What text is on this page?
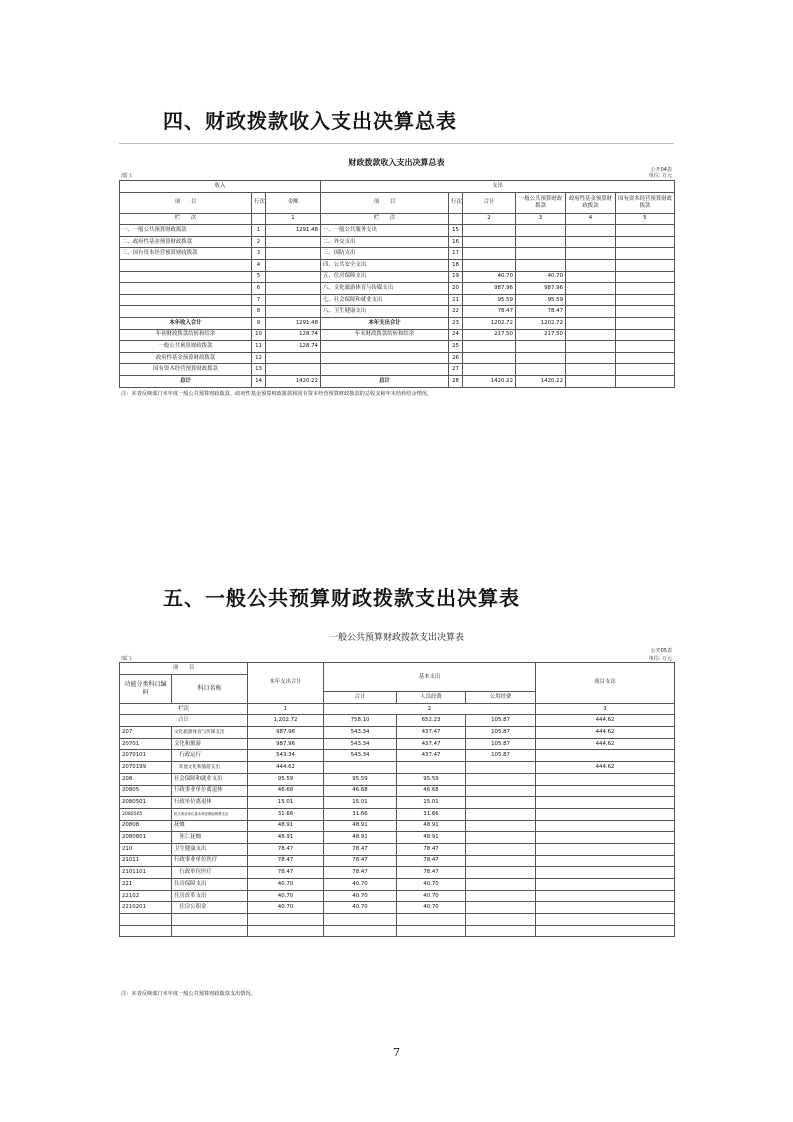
四、财政拨款收入支出决算总表
财政拨款收入支出决算总表
公开04表
部门:	单位: 万元
收入			支出					
项　　目	行次	金额	项　　目	行次	合计	一般公共预算财政拨款	政府性基金预算财政拨款	国有资本经营预算财政拨款
栏　　次		1	栏　　次		2	3	4	5
一、一般公共预算财政拨款	1	1291.48	一、一般公共服务支出	15				
二、政府性基金预算财政拨款	2		二、外交支出	16				
三、国有资本经营预算财政拨款	3		三、国防支出	17				
	4		四、公共安全支出	18				
	5		五、住房保障支出	19	40.70	40.70		
	6		六、文化旅游体育与传媒支出	20	987.96	987.96		
	7		七、社会保障和就业支出	21	95.59	95.59		
	8		八、卫生健康支出	22	78.47	78.47		
本年收入合计	9	1291.48	本年支出合计	23	1202.72	1202.72		
年初财政拨款结转和结余	10	128.74	年末财政拨款结转和结余	24	217.50	217.50		
一般公共预算财政拨款	11	128.74		25				
政府性基金预算财政拨款	12			26				
国有资本经营预算财政拨款	13			27				
总计	14	1420.22	总计	28	1420.22	1420.22		
注：本表反映部门本年度一般公共预算财政拨款、政府性基金预算财政拨款和国有资本经营预算财政拨款的总收支和年末结转结余情况。
五、一般公共预算财政拨款支出决算表
一般公共预算财政拨款支出决算表
公开05表
部门:	单位: 万元
项　　目		本年支出合计	基本支出			项目支出
功能分类科目编码	科目名称					
			合计	人员经费	公用经费	
栏次		1	2			3
合计		1,202.72	758.10	652.23	105.87	444.62
207	文化旅游体育与传媒支出	987.96	543.34	437.47	105.87	444.62
20701	文化和旅游	987.96	543.34	437.47	105.87	444.62
2070101	　行政运行	543.34	543.34	437.47	105.87	
2070199	　其他文化和旅游支出	444.62				444.62
208	社会保障和就业支出	95.59	95.59	95.59		
20805	行政事业单位离退休	46.68	46.68	46.68		
2080501	行政单位离退休	15.01	15.01	15.01		
2080505	机关事业单位基本养老保险缴费支出	31.66	31.66	31.66		
20808	抚恤	48.91	48.91	48.91		
2080801	　死亡抚恤	48.91	48.91	48.91		
210	卫生健康支出	78.47	78.47	78.47		
21011	行政事业单位医疗	78.47	78.47	78.47		
2101101	　行政单位医疗	78.47	78.47	78.47		
221	住房保障支出	40.70	40.70	40.70		
22102	住房改革支出	40.70	40.70	40.70		
2210201	　住房公积金	40.70	40.70	40.70		

注：本表反映部门本年度一般公共预算财政拨款支出情况。
7
